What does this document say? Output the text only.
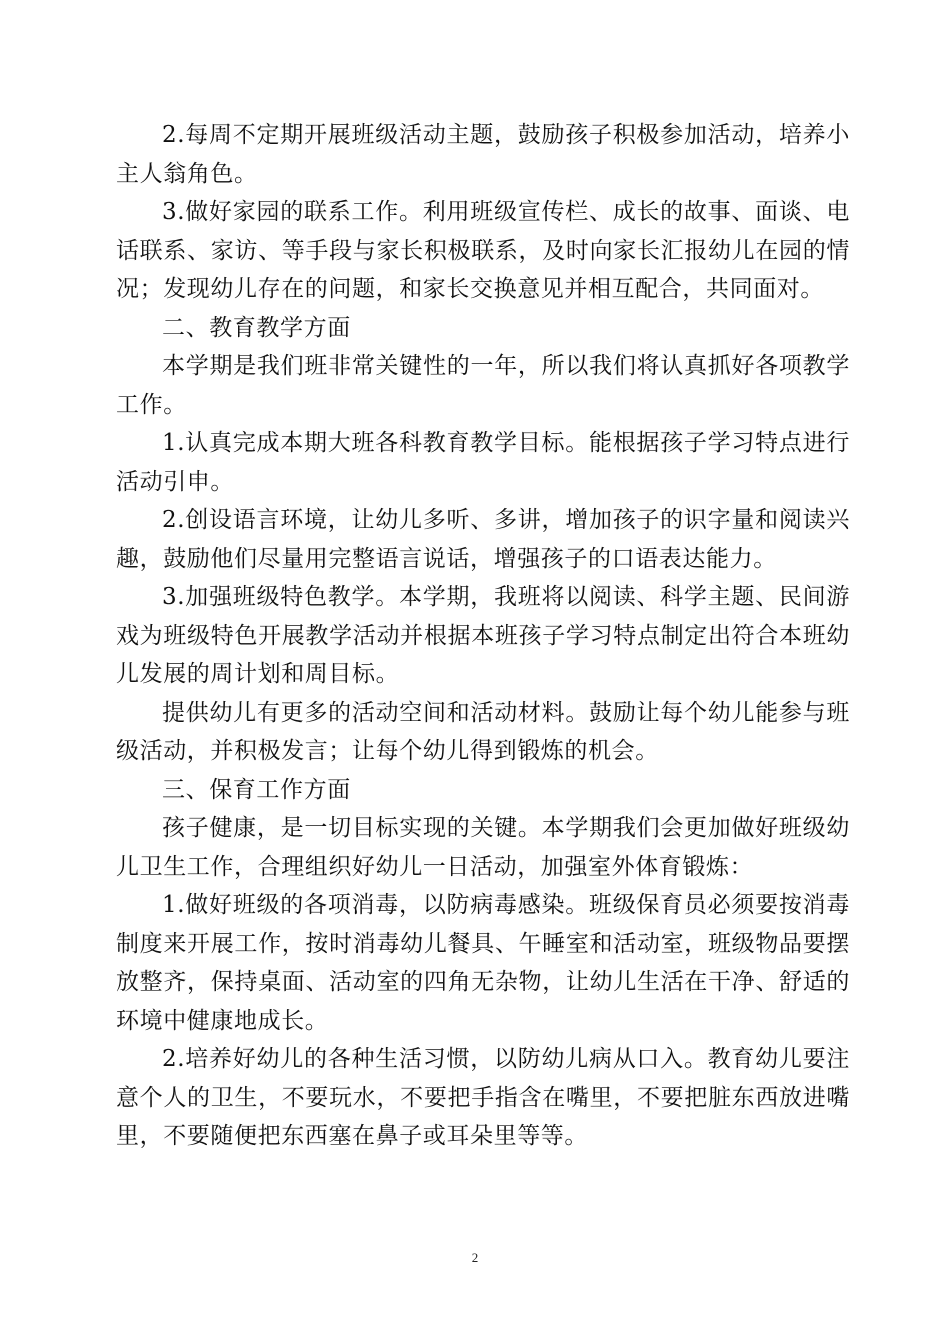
2.每周不定期开展班级活动主题，鼓励孩子积极参加活动，培养小主人翁角色。

3.做好家园的联系工作。利用班级宣传栏、成长的故事、面谈、电话联系、家访、等手段与家长积极联系，及时向家长汇报幼儿在园的情况；发现幼儿存在的问题，和家长交换意见并相互配合，共同面对。

二、教育教学方面

本学期是我们班非常关键性的一年，所以我们将认真抓好各项教学工作。

1.认真完成本期大班各科教育教学目标。能根据孩子学习特点进行活动引申。

2.创设语言环境，让幼儿多听、多讲，增加孩子的识字量和阅读兴趣，鼓励他们尽量用完整语言说话，增强孩子的口语表达能力。

3.加强班级特色教学。本学期，我班将以阅读、科学主题、民间游戏为班级特色开展教学活动并根据本班孩子学习特点制定出符合本班幼儿发展的周计划和周目标。

提供幼儿有更多的活动空间和活动材料。鼓励让每个幼儿能参与班级活动，并积极发言；让每个幼儿得到锻炼的机会。

三、保育工作方面

孩子健康，是一切目标实现的关键。本学期我们会更加做好班级幼儿卫生工作，合理组织好幼儿一日活动，加强室外体育锻炼：

1.做好班级的各项消毒，以防病毒感染。班级保育员必须要按消毒制度来开展工作，按时消毒幼儿餐具、午睡室和活动室，班级物品要摆放整齐，保持桌面、活动室的四角无杂物，让幼儿生活在干净、舒适的环境中健康地成长。

2.培养好幼儿的各种生活习惯，以防幼儿病从口入。教育幼儿要注意个人的卫生，不要玩水，不要把手指含在嘴里，不要把脏东西放进嘴里，不要随便把东西塞在鼻子或耳朵里等等。

2
